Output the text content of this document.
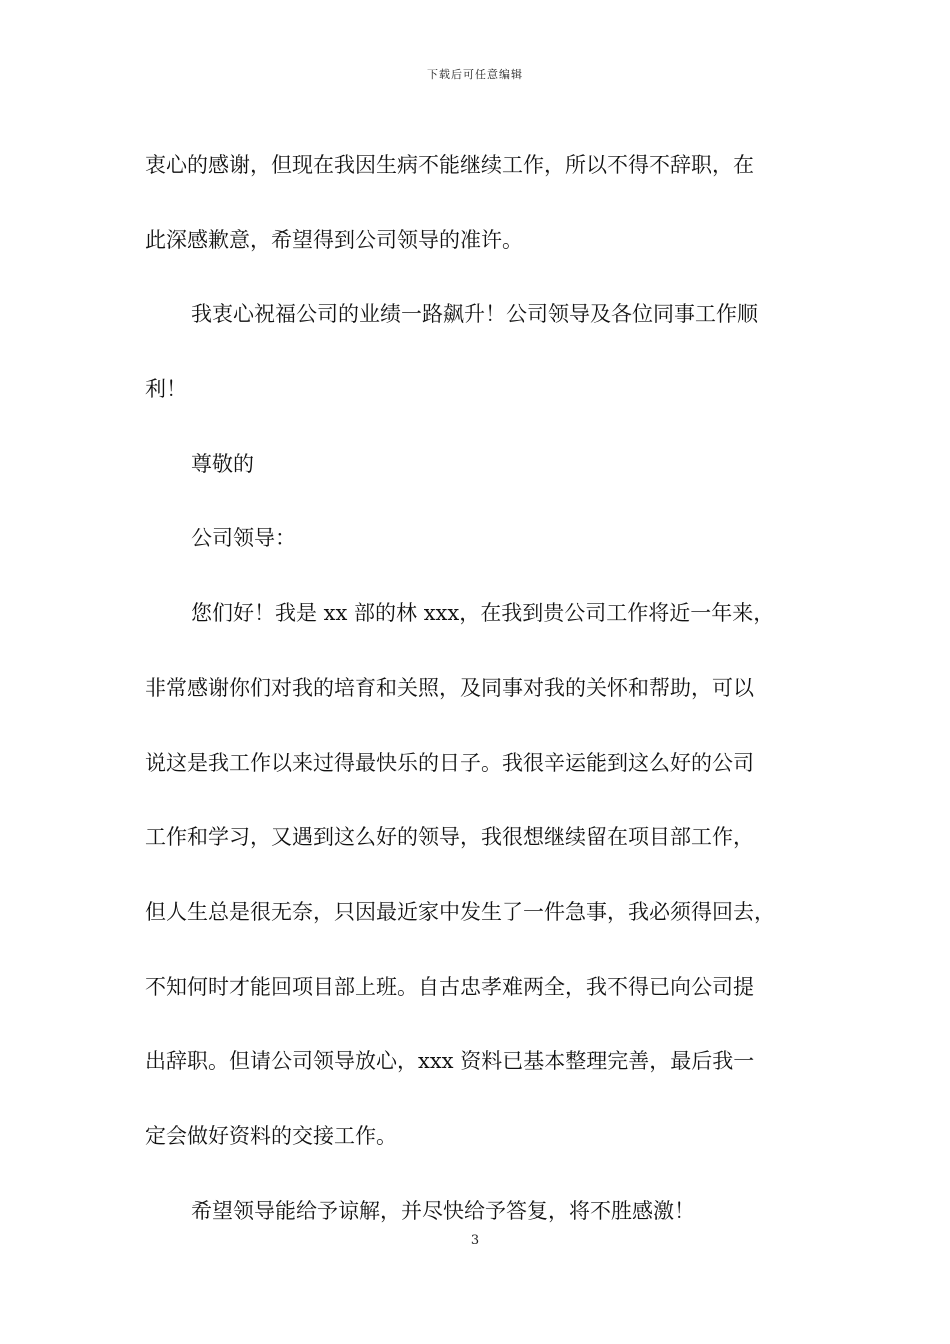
下载后可任意编辑
衷心的感谢，但现在我因生病不能继续工作，所以不得不辞职，在
此深感歉意，希望得到公司领导的准许。
我衷心祝福公司的业绩一路飙升！公司领导及各位同事工作顺
利！
尊敬的
公司领导：
您们好！我是 xx 部的林 xxx，在我到贵公司工作将近一年来，
非常感谢你们对我的培育和关照，及同事对我的关怀和帮助，可以
说这是我工作以来过得最快乐的日子。我很辛运能到这么好的公司
工作和学习，又遇到这么好的领导，我很想继续留在项目部工作，
但人生总是很无奈，只因最近家中发生了一件急事，我必须得回去，
不知何时才能回项目部上班。自古忠孝难两全，我不得已向公司提
出辞职。但请公司领导放心，xxx 资料已基本整理完善，最后我一
定会做好资料的交接工作。
希望领导能给予谅解，并尽快给予答复，将不胜感激！
3
